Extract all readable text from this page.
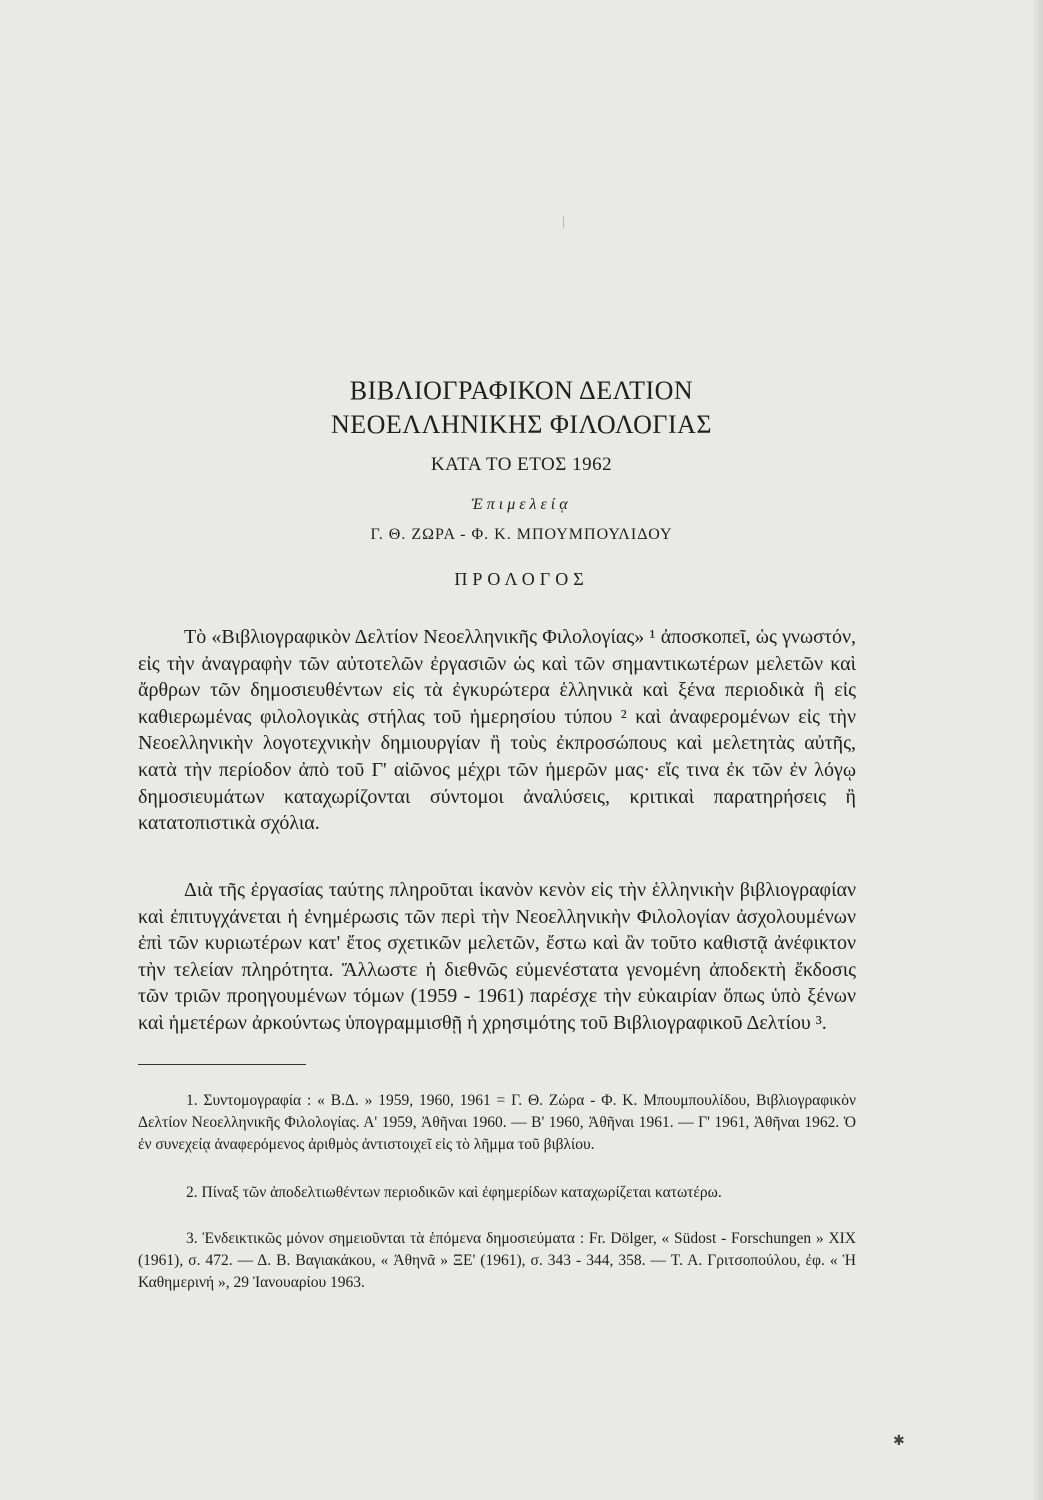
ΒΙΒΛΙΟΓΡΑΦΙΚΟΝ ΔΕΛΤΙΟΝ
ΝΕΟΕΛΛΗΝΙΚΗΣ ΦΙΛΟΛΟΓΙΑΣ
ΚΑΤΑ ΤΟ ΕΤΟΣ 1962
Ἐπιμελείᾳ
Γ. Θ. ΖΩΡΑ - Φ. Κ. ΜΠΟΥΜΠΟΥΛΙΔΟΥ
ΠΡΟΛΟΓΟΣ

Τὸ «Βιβλιογραφικὸν Δελτίον Νεοελληνικῆς Φιλολογίας» ¹ ἀποσκοπεῖ, ὡς γνωστόν, εἰς τὴν ἀναγραφὴν τῶν αὐτοτελῶν ἐργασιῶν ὡς καὶ τῶν σημαντικωτέρων μελετῶν καὶ ἄρθρων τῶν δημοσιευθέντων εἰς τὰ ἐγκυρώτερα ἑλληνικὰ καὶ ξένα περιοδικὰ ἢ εἰς καθιερωμένας φιλολογικὰς στήλας τοῦ ἡμερησίου τύπου ² καὶ ἀναφερομένων εἰς τὴν Νεοελληνικὴν λογοτεχνικὴν δημιουργίαν ἢ τοὺς ἐκπροσώπους καὶ μελετητὰς αὐτῆς, κατὰ τὴν περίοδον ἀπὸ τοῦ Γ' αἰῶνος μέχρι τῶν ἡμερῶν μας· εἴς τινα ἐκ τῶν ἐν λόγῳ δημοσιευμάτων καταχωρίζονται σύντομοι ἀναλύσεις, κριτικαὶ παρατηρήσεις ἢ κατατοπιστικὰ σχόλια.

Διὰ τῆς ἐργασίας ταύτης πληροῦται ἱκανὸν κενὸν εἰς τὴν ἑλληνικὴν βιβλιογραφίαν καὶ ἐπιτυγχάνεται ἡ ἐνημέρωσις τῶν περὶ τὴν Νεοελληνικὴν Φιλολογίαν ἀσχολουμένων ἐπὶ τῶν κυριωτέρων κατ' ἔτος σχετικῶν μελετῶν, ἔστω καὶ ἂν τοῦτο καθιστᾷ ἀνέφικτον τὴν τελείαν πληρότητα. Ἄλλωστε ἡ διεθνῶς εὐμενέστατα γενομένη ἀποδεκτὴ ἔκδοσις τῶν τριῶν προηγουμένων τόμων (1959 - 1961) παρέσχε τὴν εὐκαιρίαν ὅπως ὑπὸ ξένων καὶ ἡμετέρων ἀρκούντως ὑπογραμμισθῇ ἡ χρησιμότης τοῦ Βιβλιογραφικοῦ Δελτίου ³.

1. Συντομογραφία : « Β.Δ. » 1959, 1960, 1961 = Γ. Θ. Ζώρα - Φ. Κ. Μπουμπουλίδου, Βιβλιογραφικὸν Δελτίον Νεοελληνικῆς Φιλολογίας. Α' 1959, Ἀθῆναι 1960. — Β' 1960, Ἀθῆναι 1961. — Γ' 1961, Ἀθῆναι 1962. Ὁ ἐν συνεχείᾳ ἀναφερόμενος ἀριθμὸς ἀντιστοιχεῖ εἰς τὸ λῆμμα τοῦ βιβλίου.

2. Πίναξ τῶν ἀποδελτιωθέντων περιοδικῶν καὶ ἐφημερίδων καταχωρίζεται κατωτέρω.

3. Ἐνδεικτικῶς μόνον σημειοῦνται τὰ ἑπόμενα δημοσιεύματα : Fr. Dölger, « Südost - Forschungen » XIX (1961), σ. 472. — Δ. Β. Βαγιακάκου, « Ἀθηνᾶ » ΞΕ' (1961), σ. 343 - 344, 358. — Τ. Α. Γριτσοπούλου, ἐφ. « Ἡ Καθημερινή », 29 Ἰανουαρίου 1963.

✱
